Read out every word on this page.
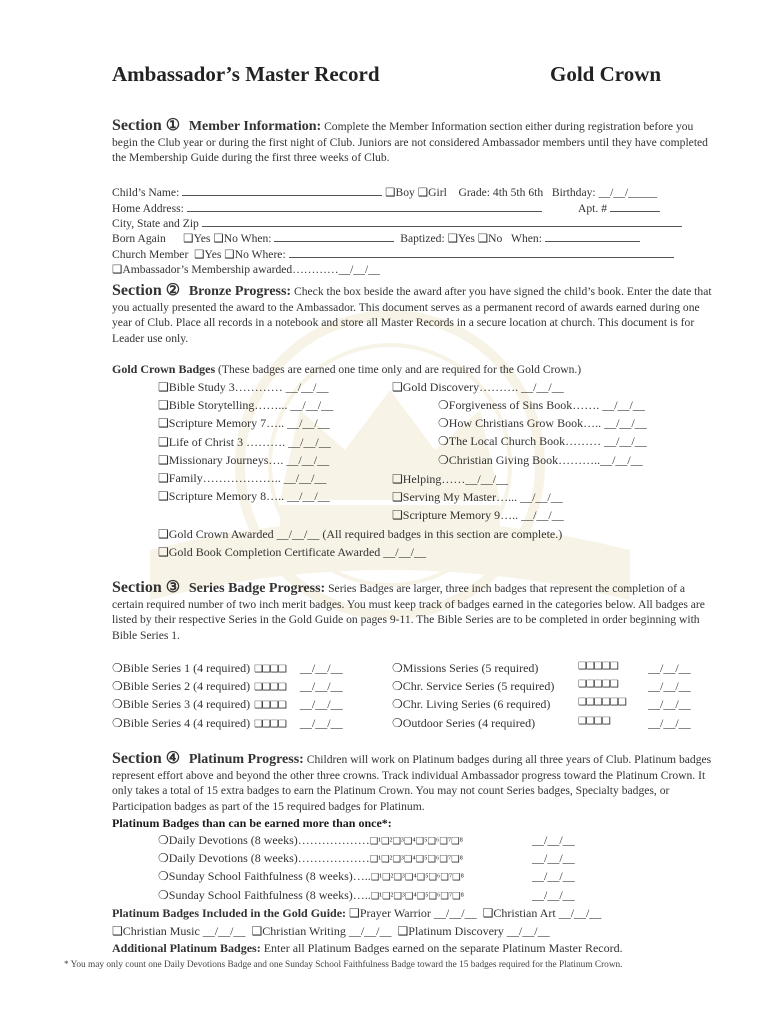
Ambassador’s Master Record	Gold Crown
Section ① Member Information: Complete the Member Information section either during registration before you begin the Club year or during the first night of Club. Juniors are not considered Ambassador members until they have completed the Membership Guide during the first three weeks of Club.
Child’s Name:	❑Boy ❑Girl Grade: 4th 5th 6th Birthday: __/__/_____
Home Address:	Apt. #
City, State and Zip
Born Again ❑Yes ❑No When:	Baptized: ❑Yes ❑No When:
Church Member ❑Yes ❑No Where:
❑Ambassador’s Membership awarded…………__/__/__
Section ② Bronze Progress: Check the box beside the award after you have signed the child’s book. Enter the date that you actually presented the award to the Ambassador. This document serves as a permanent record of awards earned during one year of Club. Place all records in a notebook and store all Master Records in a secure location at church. This document is for Leader use only.
Gold Crown Badges (These badges are earned one time only and are required for the Gold Crown.)
❑Bible Study 3………… __/__/__
❑Bible Storytelling……... __/__/__
❑Scripture Memory 7….. __/__/__
❑Life of Christ 3 ………. __/__/__
❑Missionary Journeys…. __/__/__
❑Family……………….. __/__/__
❑Scripture Memory 8….. __/__/__
❑Gold Discovery………. __/__/__
❍Forgiveness of Sins Book……. __/__/__
❍How Christians Grow Book….. __/__/__
❍The Local Church Book……… __/__/__
❍Christian Giving Book………..__/__/__
❑Helping……__/__/__
❑Serving My Master…... __/__/__
❑Scripture Memory 9….. __/__/__
❑Gold Crown Awarded __/__/__ (All required badges in this section are complete.)
❑Gold Book Completion Certificate Awarded __/__/__
Section ③ Series Badge Progress: Series Badges are larger, three inch badges that represent the completion of a certain required number of two inch merit badges. You must keep track of badges earned in the categories below. All badges are listed by their respective Series in the Gold Guide on pages 9-11. The Bible Series are to be completed in order beginning with Bible Series 1.
❍Bible Series 1 (4 required) ❑❑❑❑ __/__/__
❍Bible Series 2 (4 required) ❑❑❑❑ __/__/__
❍Bible Series 3 (4 required) ❑❑❑❑ __/__/__
❍Bible Series 4 (4 required) ❑❑❑❑ __/__/__
❍Missions Series (5 required)	❑❑❑❑❑	__/__/__
❍Chr. Service Series (5 required) ❑❑❑❑❑	__/__/__
❍Chr. Living Series (6 required)	❑❑❑❑❑❑ __/__/__
❍Outdoor Series (4 required)	❑❑❑❑	__/__/__
Section ④ Platinum Progress: Children will work on Platinum badges during all three years of Club. Platinum badges represent effort above and beyond the other three crowns. Track individual Ambassador progress toward the Platinum Crown. It only takes a total of 15 extra badges to earn the Platinum Crown. You may not count Series badges, Specialty badges, or Participation badges as part of the 15 required badges for Platinum.
Platinum Badges than can be earned more than once*:
❍Daily Devotions (8 weeks)………………❑¹❑²❑³❑⁴❑⁵❑⁶❑⁷❑⁸	__/__/__
❍Daily Devotions (8 weeks)………………❑¹❑²❑³❑⁴❑⁵❑⁶❑⁷❑⁸	__/__/__
❍Sunday School Faithfulness (8 weeks)…..❑¹❑²❑³❑⁴❑⁵❑⁶❑⁷❑⁸	__/__/__
❍Sunday School Faithfulness (8 weeks)…..❑¹❑²❑³❑⁴❑⁵❑⁶❑⁷❑⁸	__/__/__
Platinum Badges Included in the Gold Guide: ❑Prayer Warrior __/__/__ ❑Christian Art __/__/__
❑Christian Music __/__/__ ❑Christian Writing __/__/__ ❑Platinum Discovery __/__/__
Additional Platinum Badges: Enter all Platinum Badges earned on the separate Platinum Master Record.
* You may only count one Daily Devotions Badge and one Sunday School Faithfulness Badge toward the 15 badges required for the Platinum Crown.
